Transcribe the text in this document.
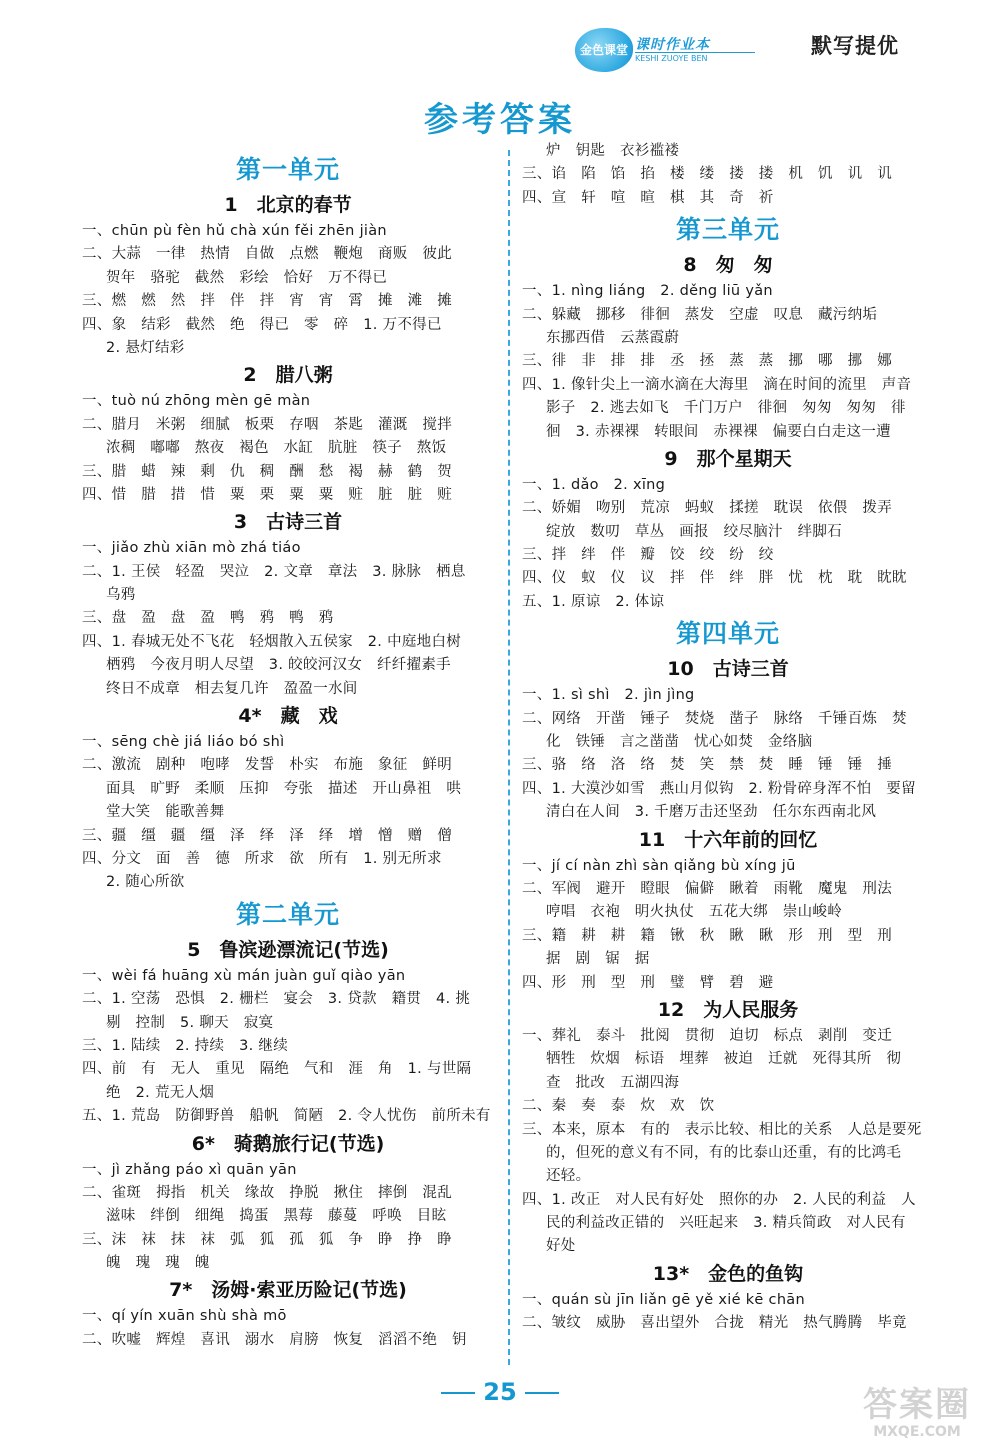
金色课堂 课时作业本
KESHI ZUOYE BEN
默写提优
参考答案
第一单元
1　北京的春节
一、chūn pù fèn hǔ chà xún fěi zhēn jiàn
二、大蒜　一律　热情　自做　点燃　鞭炮　商贩　彼此
贺年　骆驼　截然　彩绘　恰好　万不得已
三、燃　燃　然　拌　伴　拌　宵　宵　霄　摊　滩　摊
四、象　结彩　截然　绝　得已　零　碎　1. 万不得已
2. 悬灯结彩
2　腊八粥
一、tuò nú zhōng mèn gē màn
二、腊月　米粥　细腻　板栗　存咽　茶匙　灌溉　搅拌
浓稠　嘟嘟　熬夜　褐色　水缸　肮脏　筷子　熬饭
三、腊　蜡　辣　剩　仇　稠　酬　愁　褐　赫　鹤　贺
四、惜　腊　措　惜　粟　栗　粟　粟　赃　脏　脏　赃
3　古诗三首
一、jiǎo zhù xiān mò zhá tiáo
二、1. 王侯　轻盈　哭泣　2. 文章　章法　3. 脉脉　栖息
乌鸦
三、盘　盈　盘　盈　鸭　鸦　鸭　鸦
四、1. 春城无处不飞花　轻烟散入五侯家　2. 中庭地白树
栖鸦　今夜月明人尽望　3. 皎皎河汉女　纤纤擢素手
终日不成章　相去复几许　盈盈一水间
4*　藏　戏
一、sēng chè jiá liáo bó shì
二、激流　剧种　咆哮　发誓　朴实　布施　象征　鲜明
面具　旷野　柔顺　压抑　夸张　描述　开山鼻祖　哄
堂大笑　能歌善舞
三、疆　缰　疆　缰　泽　绎　泽　绎　增　憎　赠　僧
四、分文　面　善　德　所求　欲　所有　1. 别无所求
2. 随心所欲
第二单元
5　鲁滨逊漂流记(节选)
一、wèi fá huāng xù mán juàn guǐ qiào yān
二、1. 空荡　恐惧　2. 栅栏　宴会　3. 贷款　籍贯　4. 挑
剔　控制　5. 聊天　寂寞
三、1. 陆续　2. 持续　3. 继续
四、前　有　无人　重见　隔绝　气和　涯　角　1. 与世隔
绝　2. 荒无人烟
五、1. 荒岛　防御野兽　船帆　简陋　2. 令人忧伤　前所未有
6*　骑鹅旅行记(节选)
一、jì zhǎng páo xì quān yān
二、雀斑　拇指　机关　缘故　挣脱　揪住　摔倒　混乱
滋味　绊倒　细绳　捣蛋　黑莓　藤蔓　呼唤　目眩
三、沫　袜　抹　袜　弧　狐　孤　狐　争　睁　挣　睁
魄　瑰　瑰　魄
7*　汤姆·索亚历险记(节选)
一、qí yín xuān shù shà mō
二、吹嘘　辉煌　喜讯　溺水　肩膀　恢复　滔滔不绝　钥
炉　钥匙　衣衫褴褛
三、谄　陷　馅　掐　楼　缕　搂　搂　机　饥　讥　讥
四、宣　轩　喧　暄　棋　其　奇　祈
第三单元
8　匆　匆
一、1. nìng liáng　2. děng liū yǎn
二、躲藏　挪移　徘徊　蒸发　空虚　叹息　藏污纳垢
东挪西借　云蒸霞蔚
三、徘　非　排　排　丞　拯　蒸　蒸　挪　哪　挪　娜
四、1. 像针尖上一滴水滴在大海里　滴在时间的流里　声音
影子　2. 逃去如飞　千门万户　徘徊　匆匆　匆匆　徘
徊　3. 赤裸裸　转眼间　赤裸裸　偏要白白走这一遭
9　那个星期天
一、1. dǎo　2. xīng
二、娇媚　吻别　荒凉　蚂蚁　揉搓　耽误　依偎　拨弄
绽放　数叨　草丛　画报　绞尽脑汁　绊脚石
三、拌　绊　伴　瓣　饺　绞　纷　绞
四、仪　蚁　仪　议　拌　伴　绊　胖　忧　枕　耽　眈眈
五、1. 原谅　2. 体谅
第四单元
10　古诗三首
一、1. sì shì　2. jìn jìng
二、网络　开凿　锤子　焚烧　凿子　脉络　千锤百炼　焚
化　铁锤　言之凿凿　忧心如焚　金络脑
三、骆　络　洛　络　焚　笑　禁　焚　睡　锤　锤　捶
四、1. 大漠沙如雪　燕山月似钩　2. 粉骨碎身浑不怕　要留
清白在人间　3. 千磨万击还坚劲　任尔东西南北风
11　十六年前的回忆
一、jí cí nàn zhì sàn qiǎng bù xíng jū
二、军阀　避开　瞪眼　偏僻　瞅着　雨靴　魔鬼　刑法
哼唱　衣袍　明火执仗　五花大绑　崇山峻岭
三、籍　耕　耕　籍　锹　秋　瞅　瞅　形　刑　型　刑
据　剧　锯　据
四、形　刑　型　刑　璧　臂　碧　避
12　为人民服务
一、葬礼　泰斗　批阅　贯彻　迫切　标点　剥削　变迁
牺牲　炊烟　标语　埋葬　被迫　迁就　死得其所　彻
查　批改　五湖四海
二、秦　奏　泰　炊　欢　饮
三、本来，原本　有的　表示比较、相比的关系　人总是要死
的，但死的意义有不同，有的比泰山还重，有的比鸿毛
还轻。
四、1. 改正　对人民有好处　照你的办　2. 人民的利益　人
民的利益改正错的　兴旺起来　3. 精兵简政　对人民有
好处
13*　金色的鱼钩
一、quán sù jīn liǎn gē yě xié kē chān
二、皱纹　威胁　喜出望外　合拢　精光　热气腾腾　毕竟
25	答案圈
MXQE.COM
